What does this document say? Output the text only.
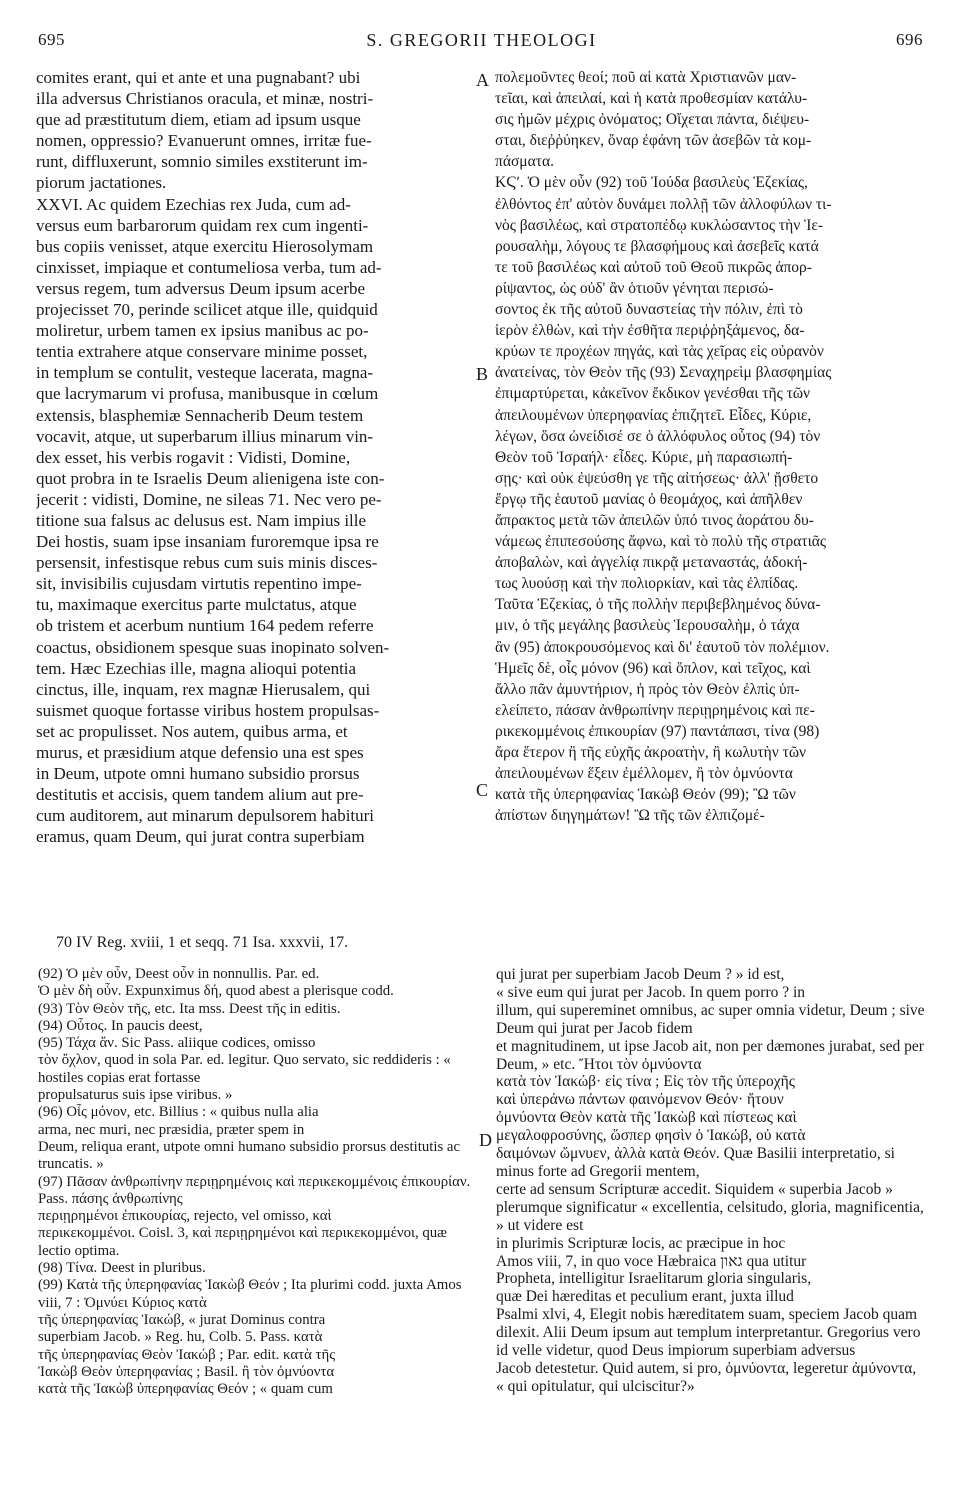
695	S. GREGORII THEOLOGI	696
comites erant, qui et ante et una pugnabant? ubi
illa adversus Christianos oracula, et minæ, nostri-
que ad præstitutum diem, etiam ad ipsum usque
nomen, oppressio? Evanuerunt omnes, irritæ fue-
runt, diffluxerunt, somnio similes exstiterunt im-
piorum jactationes.
XXVI. Ac quidem Ezechias rex Juda, cum ad-
versus eum barbarorum quidam rex cum ingenti-
bus copiis venisset, atque exercitu Hierosolymam
cinxisset, impiaque et contumeliosa verba, tum ad-
versus regem, tum adversus Deum ipsum acerbe
projecisset 70, perinde scilicet atque ille, quidquid
moliretur, urbem tamen ex ipsius manibus ac po-
tentia extrahere atque conservare minime posset,
in templum se contulit, vesteque lacerata, magna-
que lacrymarum vi profusa, manibusque in cœlum
extensis, blasphemiæ Sennacherib Deum testem
vocavit, atque, ut superbarum illius minarum vin-
dex esset, his verbis rogavit : Vidisti, Domine,
quot probra in te Israelis Deum alienigena iste con-
jecerit : vidisti, Domine, ne sileas 71. Nec vero pe-
titione sua falsus ac delusus est. Nam impius ille
Dei hostis, suam ipse insaniam furoremque ipsa re
persensit, infestisque rebus cum suis minis disces-
sit, invisibilis cujusdam virtutis repentino impe-
tu, maximaque exercitus parte mulctatus, atque
ob tristem et acerbum nuntium 164 pedem referre
coactus, obsidionem spesque suas inopinato solven-
tem. Hæc Ezechias ille, magna alioqui potentia
cinctus, ille, inquam, rex magnæ Hierusalem, qui
suismet quoque fortasse viribus hostem propulsas-
set ac propulisset. Nos autem, quibus arma, et
murus, et præsidium atque defensio una est spes
in Deum, utpote omni humano subsidio prorsus
destitutis et accisis, quem tandem alium aut pre-
cum auditorem, aut minarum depulsorem habituri
eramus, quam Deum, qui jurat contra superbiam
πολεμοῦντες θεοί; ποῦ αἱ κατὰ Χριστιανῶν μαν-
τεῖαι, καὶ ἀπειλαί, καὶ ἡ κατὰ προθεσμίαν κατάλυ-
σις ἡμῶν μέχρις ὀνόματος; Οἴχεται πάντα, διέψευ-
σται, διεῤῥύηκεν, ὄναρ ἐφάνη τῶν ἀσεβῶν τὰ κομ-
πάσματα.
ΚϚʹ. Ὁ μὲν οὖν (92) τοῦ Ἰούδα βασιλεὺς Ἐζεκίας,
ἐλθόντος ἐπ' αὐτὸν δυνάμει πολλῇ τῶν ἀλλοφύλων τι-
νὸς βασιλέως, καὶ στρατοπέδῳ κυκλώσαντος τὴν Ἱε-
ρουσαλὴμ, λόγους τε βλασφήμους καὶ ἀσεβεῖς κατά
τε τοῦ βασιλέως καὶ αὐτοῦ τοῦ Θεοῦ πικρῶς ἀπορ-
ρίψαντος, ὡς οὐδ' ἂν ὁτιοῦν γένηται περισώ-
σοντος ἐκ τῆς αὐτοῦ δυναστείας τὴν πόλιν, ἐπὶ τὸ
ἱερὸν ἐλθὼν, καὶ τὴν ἐσθῆτα περιῤῥηξάμενος, δα-
κρύων τε προχέων πηγάς, καὶ τὰς χεῖρας εἰς οὐρανὸν
ἀνατείνας, τὸν Θεὸν τῆς (93) Σεναχηρεὶμ βλασφημίας
ἐπιμαρτύρεται, κἀκεῖνον ἔκδικον γενέσθαι τῆς τῶν
ἀπειλουμένων ὑπερηφανίας ἐπιζητεῖ. Εἶδες, Κύριε,
λέγων, ὅσα ὠνείδισέ σε ὁ ἀλλόφυλος οὗτος (94) τὸν
Θεὸν τοῦ Ἰσραήλ· εἶδες. Κύριε, μὴ παρασιωπή-
σῃς· καὶ οὐκ ἐψεύσθη γε τῆς αἰτήσεως· ἀλλ' ᾔσθετο
ἔργῳ τῆς ἑαυτοῦ μανίας ὁ θεομάχος, καὶ ἀπῆλθεν
ἄπρακτος μετὰ τῶν ἀπειλῶν ὑπό τινος ἀοράτου δυ-
νάμεως ἐπιπεσούσης ἄφνω, καὶ τὸ πολὺ τῆς στρατιᾶς
ἀποβαλὼν, καὶ ἀγγελίᾳ πικρᾷ μεταναστάς, ἀδοκή-
τως λυούσῃ καὶ τὴν πολιορκίαν, καὶ τὰς ἐλπίδας.
Ταῦτα Ἐζεκίας, ὁ τῆς πολλὴν περιβεβλημένος δύνα-
μιν, ὁ τῆς μεγάλης βασιλεὺς Ἱερουσαλὴμ, ὁ τάχα
ἂν (95) ἀποκρουσόμενος καὶ δι' ἑαυτοῦ τὸν πολέμιον.
Ἡμεῖς δὲ, οἷς μόνον (96) καὶ ὅπλον, καὶ τεῖχος, καὶ
ἄλλο πᾶν ἀμυντήριον, ἡ πρὸς τὸν Θεὸν ἐλπὶς ὑπ-
ελείπετο, πάσαν ἀνθρωπίνην περιῃρημένοις καὶ πε-
ρικεκομμένοις ἐπικουρίαν (97) παντάπασι, τίνα (98)
ἄρα ἕτερον ἢ τῆς εὐχῆς ἀκροατὴν, ἢ κωλυτὴν τῶν
ἀπειλουμένων ἕξειν ἐμέλλομεν, ἢ τὸν ὀμνύοντα
κατὰ τῆς ὑπερηφανίας Ἰακὼβ Θεόν (99); Ὢ τῶν
ἀπίστων διηγημάτων! Ὢ τῆς τῶν ἐλπιζομέ-
A
B
C
D
70 IV Reg. xviii, 1 et seqq. 71 Isa. xxxvii, 17.
(92) Ὁ μὲν οὖν, Deest οὖν in nonnullis. Par. ed.
Ὁ μὲν δὴ οὖν. Expunximus δή, quod abest a plerisque codd.
(93) Τὸν Θεὸν τῆς, etc. Ita mss. Deest τῆς in editis.
(94) Οὗτος. In paucis deest,
(95) Τάχα ἄν. Sic Pass. aliique codices, omisso
τὸν ὄχλον, quod in sola Par. ed. legitur. Quo servato, sic reddideris : « hostiles copias erat fortasse
propulsaturus suis ipse viribus. »
(96) Οἷς μόνον, etc. Billius : « quibus nulla alia
arma, nec muri, nec præsidia, præter spem in
Deum, reliqua erant, utpote omni humano subsidio prorsus destitutis ac truncatis. »
(97) Πᾶσαν ἀνθρωπίνην περιῃρημένοις καὶ περικεκομμένοις ἐπικουρίαν. Pass. πάσης ἀνθρωπίνης
περιῃρημένοι ἐπικουρίας, rejecto, vel omisso, καὶ
περικεκομμένοι. Coisl. 3, καὶ περιῃρημένοι καὶ περικεκομμένοι, quæ lectio optima.
(98) Τίνα. Deest in pluribus.
(99) Κατὰ τῆς ὑπερηφανίας Ἰακὼβ Θεόν ; Ita plurimi codd. juxta Amos viii, 7 : Ὀμνύει Κύριος κατὰ
τῆς ὑπερηφανίας Ἰακώβ, « jurat Dominus contra
superbiam Jacob. » Reg. hu, Colb. 5. Pass. κατὰ
τῆς ὑπερηφανίας Θεὸν Ἰακώβ ; Par. edit. κατὰ τῆς
Ἰακὼβ Θεὸν ὑπερηφανίας ; Basil. ἢ τὸν ὀμνύοντα
κατὰ τῆς Ἰακὼβ ὑπερηφανίας Θεόν ; « quam cum
qui jurat per superbiam Jacob Deum ? » id est,
« sive eum qui jurat per Jacob. In quem porro ? in
illum, qui supereminet omnibus, ac super omnia videtur, Deum ; sive Deum qui jurat per Jacob fidem
et magnitudinem, ut ipse Jacob ait, non per dæmones jurabat, sed per Deum, » etc. Ἤτοι τὸν ὀμνύοντα
κατὰ τὸν Ἰακώβ· εἰς τίνα ; Εἰς τὸν τῆς ὑπεροχῆς
καὶ ὑπεράνω πάντων φαινόμενον Θεόν· ἤτουν
ὀμνύοντα Θεὸν κατὰ τῆς Ἰακὼβ καὶ πίστεως καὶ
μεγαλοφροσύνης, ὥσπερ φησὶν ὁ Ἰακώβ, οὐ κατὰ
δαιμόνων ὤμνυεν, ἀλλὰ κατὰ Θεόν. Quæ Basilii interpretatio, si minus forte ad Gregorii mentem,
certe ad sensum Scripturæ accedit. Siquidem « superbia Jacob » plerumque significatur « excellentia, celsitudo, gloria, magnificentia, » ut videre est
in plurimis Scripturæ locis, ac præcipue in hoc
Amos viii, 7, in quo voce Hæbraica גאון qua utitur
Propheta, intelligitur Israelitarum gloria singularis,
quæ Dei hæreditas et peculium erant, juxta illud
Psalmi xlvi, 4, Elegit nobis hæreditatem suam, speciem Jacob quam dilexit. Alii Deum ipsum aut templum interpretantur. Gregorius vero id velle videtur, quod Deus impiorum superbiam adversus
Jacob detestetur. Quid autem, si pro, ὀμνύοντα, legeretur ἀμύνοντα, « qui opitulatur, qui ulciscitur?»
